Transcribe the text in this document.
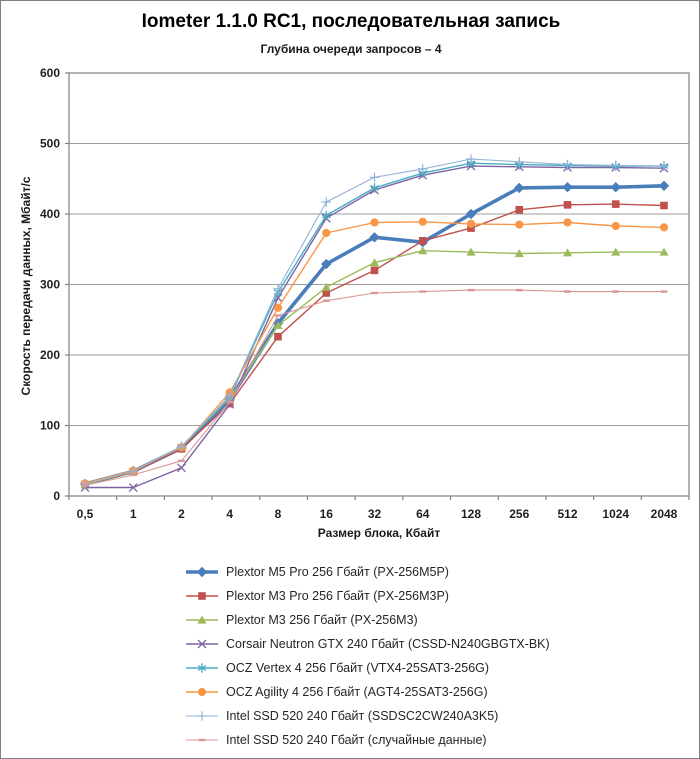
Iometer 1.1.0 RC1, последовательная запись
Глубина очереди запросов – 4
Скорость передачи данных, Мбайт/с
0
100
200
300
400
500
600
0,5	1	2	4	8	16	32	64	128 256 512 1024 2048
Размер блока, Кбайт
Plextor M5 Pro 256 Гбайт (PX-256M5P)
Plextor M3 Pro 256 Гбайт (PX-256M3P)
Plextor M3 256 Гбайт (PX-256M3)
Corsair Neutron GTX 240 Гбайт (CSSD-N240GBGTX-BK)
OCZ Vertex 4 256 Гбайт (VTX4-25SAT3-256G)
OCZ Agility 4 256 Гбайт (AGT4-25SAT3-256G)
Intel SSD 520 240 Гбайт (SSDSC2CW240A3K5)
Intel SSD 520 240 Гбайт (случайные данные)
